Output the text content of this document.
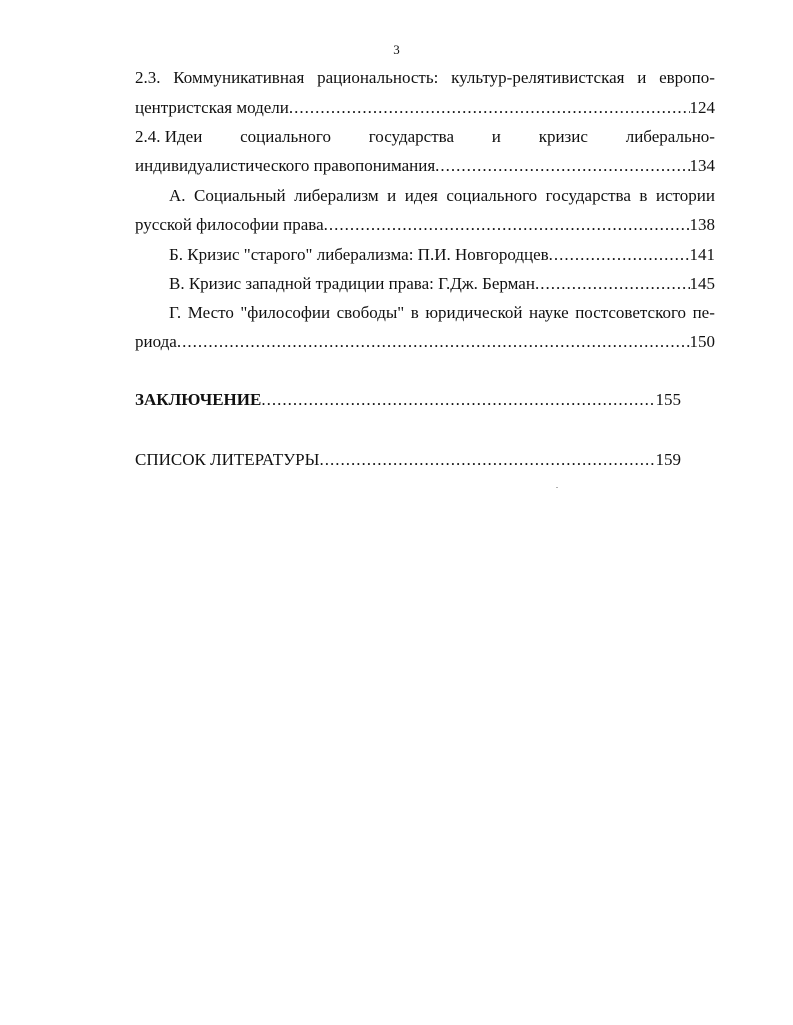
3
2.3. Коммуникативная рациональность: культур-релятивистская и европо-
центристская модели .....	124
2.4. Идеи социального государства и кризис либерально-
индивидуалистического правопонимания .....	134
А. Социальный либерализм и идея социального государства в истории
русской философии права .....	138
Б. Кризис "старого" либерализма: П.И. Новгородцев .....	141
В. Кризис западной традиции права: Г.Дж. Берман .....	145
Г. Место "философии свободы" в юридической науке постсоветского пе-
риода .....	150
ЗАКЛЮЧЕНИЕ .....	155
СПИСОК ЛИТЕРАТУРЫ .....	159
